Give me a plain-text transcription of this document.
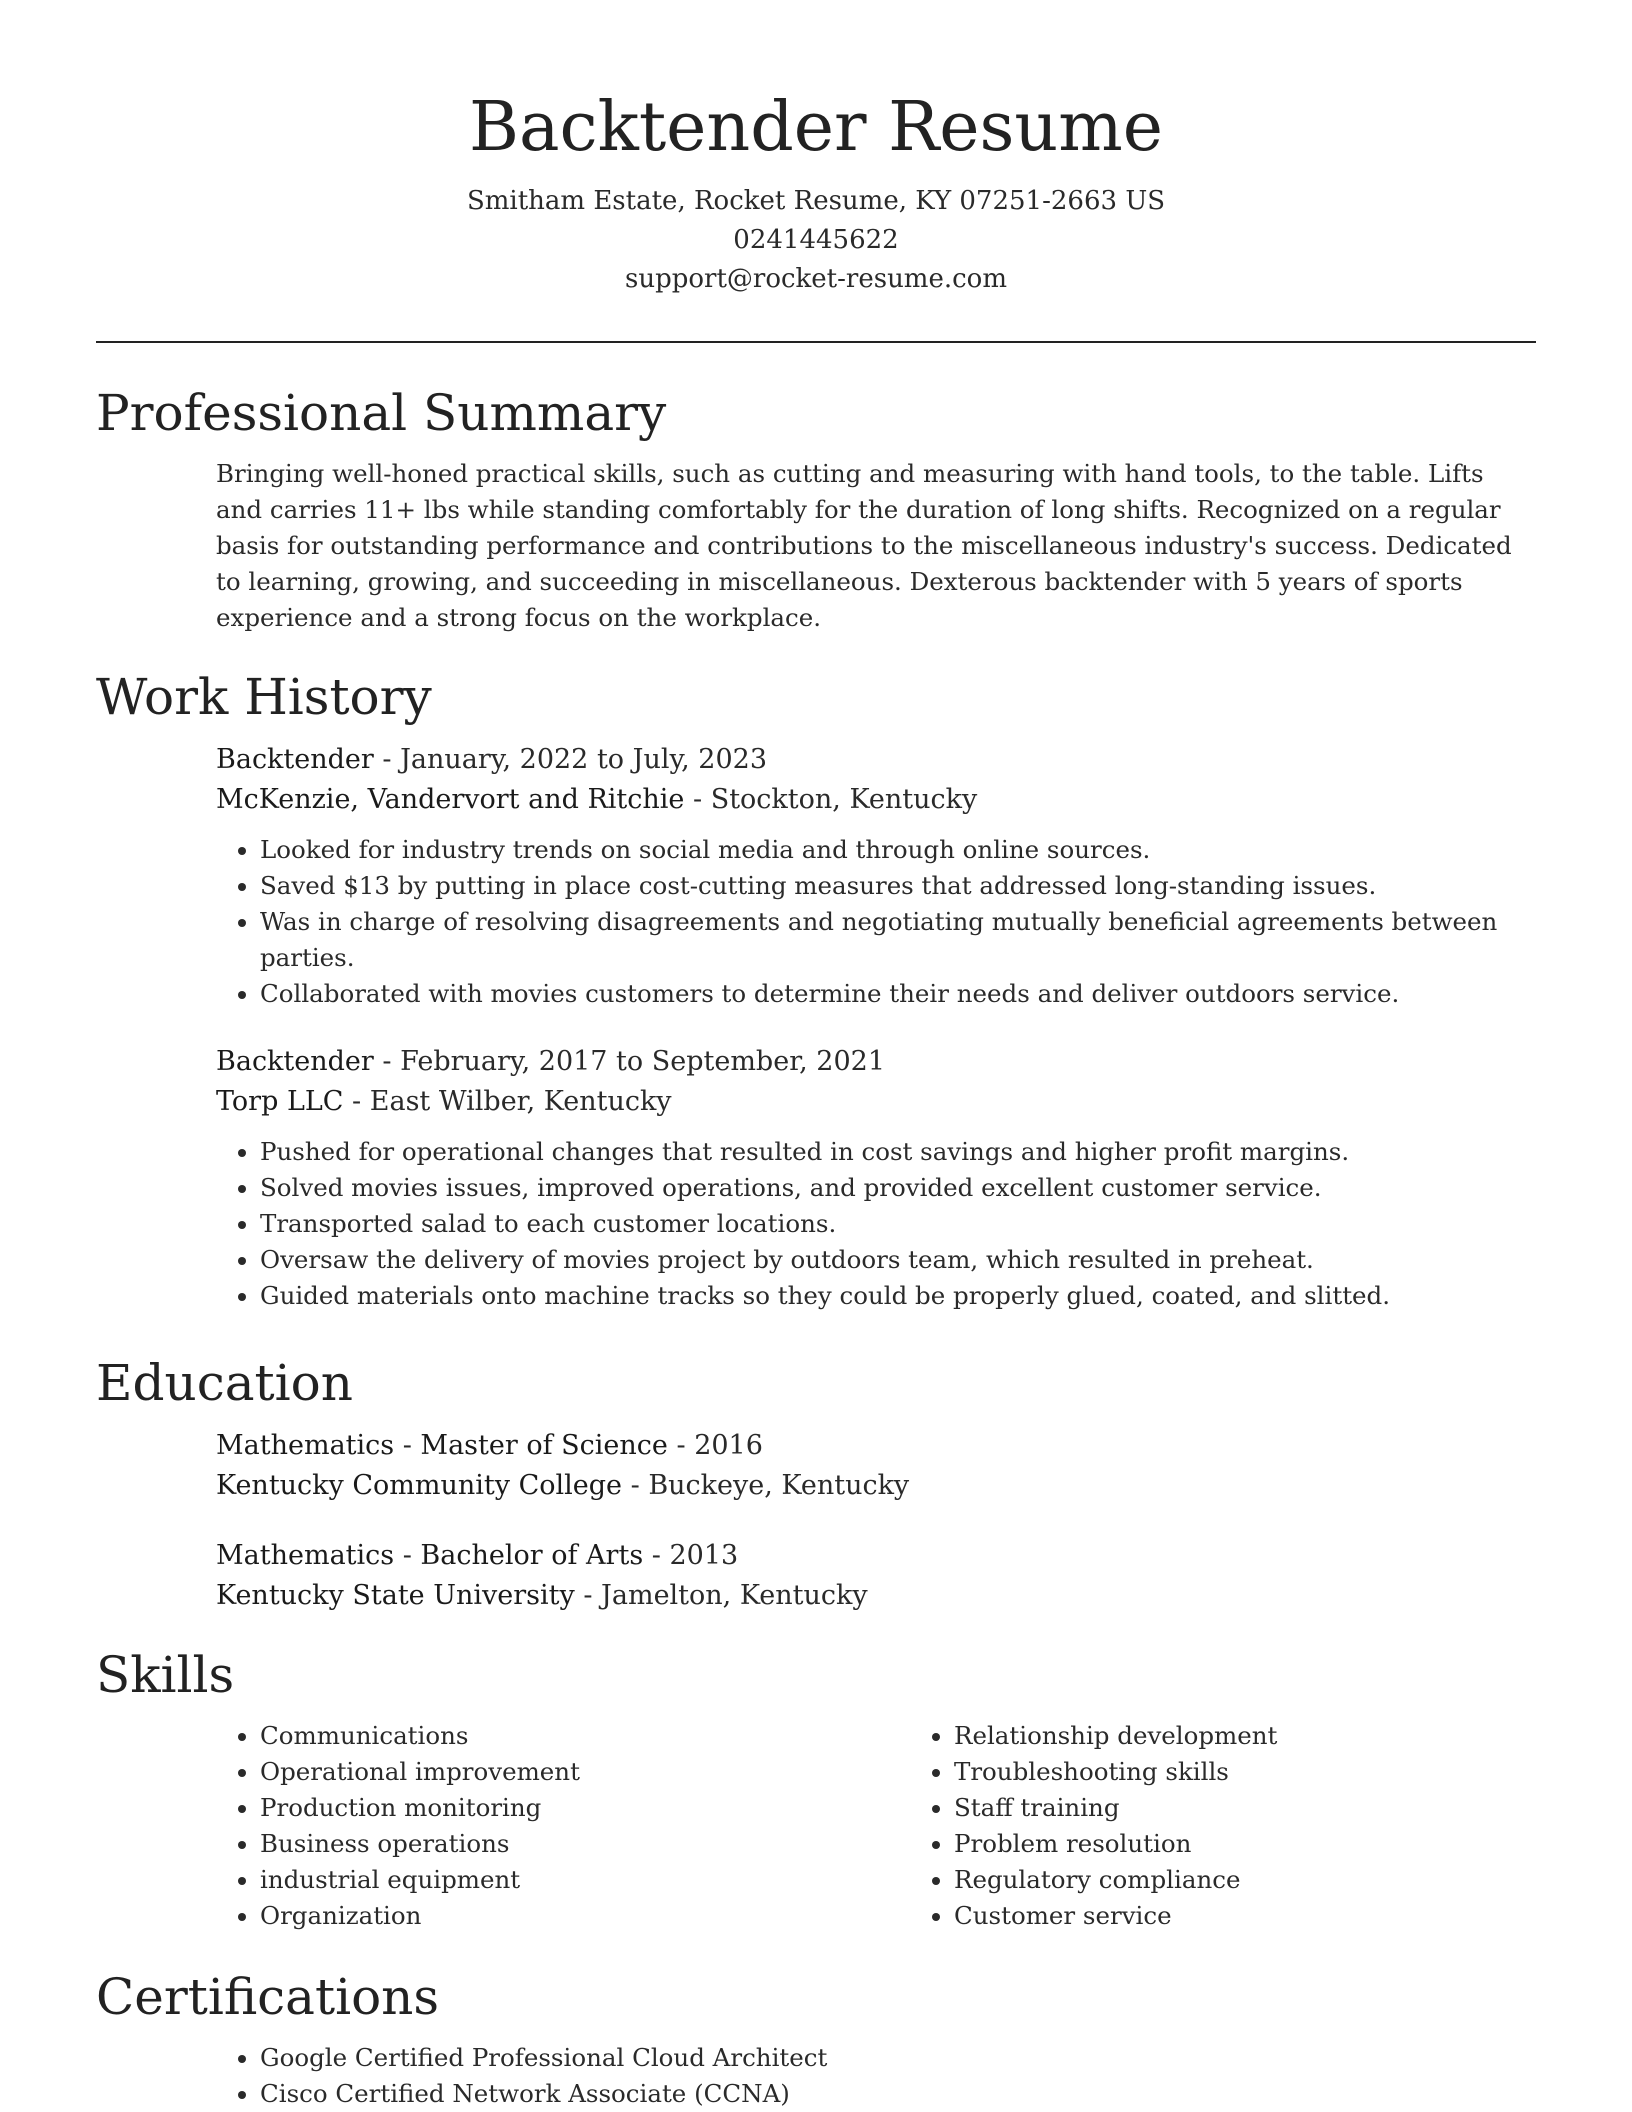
Backtender Resume
Smitham Estate, Rocket Resume, KY 07251-2663 US
0241445622
support@rocket-resume.com
Professional Summary
Bringing well-honed practical skills, such as cutting and measuring with hand tools, to the table. Lifts and carries 11+ lbs while standing comfortably for the duration of long shifts. Recognized on a regular basis for outstanding performance and contributions to the miscellaneous industry's success. Dedicated to learning, growing, and succeeding in miscellaneous. Dexterous backtender with 5 years of sports experience and a strong focus on the workplace.
Work History
Backtender - January, 2022 to July, 2023
McKenzie, Vandervort and Ritchie - Stockton, Kentucky
• Looked for industry trends on social media and through online sources.
• Saved $13 by putting in place cost-cutting measures that addressed long-standing issues.
• Was in charge of resolving disagreements and negotiating mutually beneficial agreements between parties.
• Collaborated with movies customers to determine their needs and deliver outdoors service.
Backtender - February, 2017 to September, 2021
Torp LLC - East Wilber, Kentucky
• Pushed for operational changes that resulted in cost savings and higher profit margins.
• Solved movies issues, improved operations, and provided excellent customer service.
• Transported salad to each customer locations.
• Oversaw the delivery of movies project by outdoors team, which resulted in preheat.
• Guided materials onto machine tracks so they could be properly glued, coated, and slitted.
Education
Mathematics - Master of Science - 2016
Kentucky Community College - Buckeye, Kentucky
Mathematics - Bachelor of Arts - 2013
Kentucky State University - Jamelton, Kentucky
Skills
• Communications
• Operational improvement
• Production monitoring
• Business operations
• industrial equipment
• Organization
• Relationship development
• Troubleshooting skills
• Staff training
• Problem resolution
• Regulatory compliance
• Customer service
Certifications
• Google Certified Professional Cloud Architect
• Cisco Certified Network Associate (CCNA)
